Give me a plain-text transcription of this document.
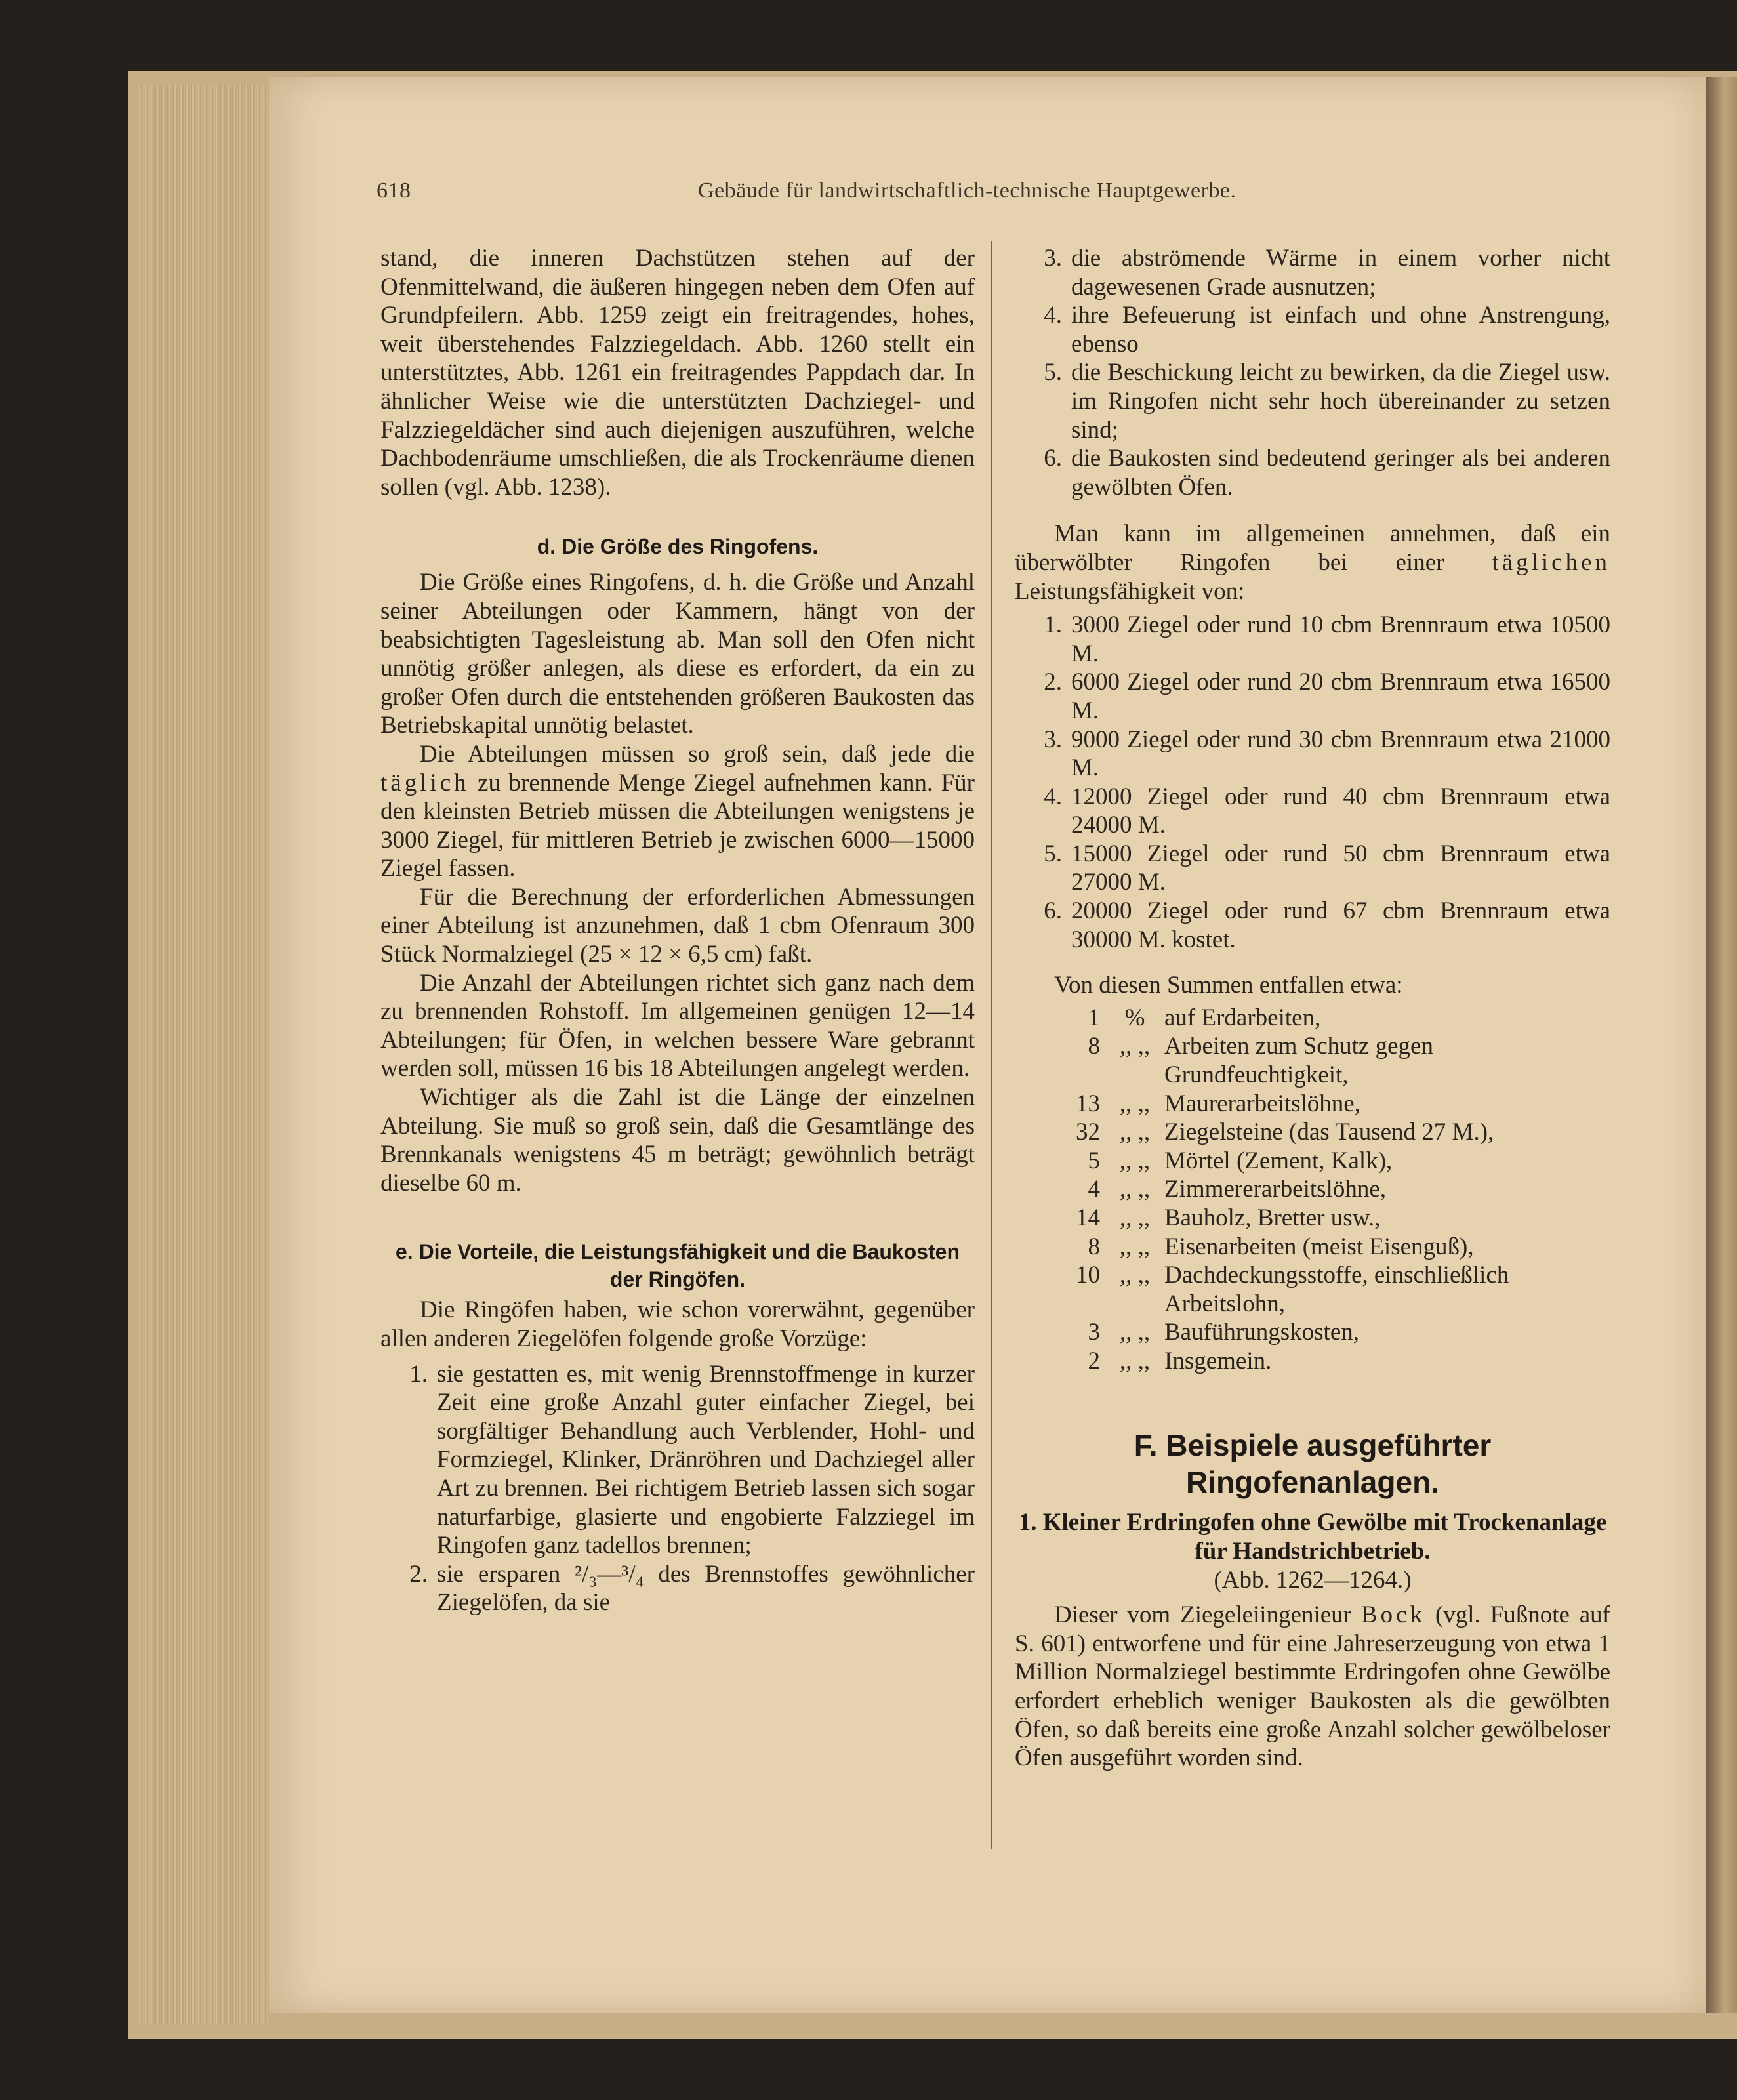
618	Gebäude für landwirtschaftlich-technische Hauptgewerbe.

stand, die inneren Dachstützen stehen auf der Ofenmittelwand, die äußeren hingegen neben dem Ofen auf Grundpfeilern. Abb. 1259 zeigt ein freitragendes, hohes, weit überstehendes Falzziegeldach. Abb. 1260 stellt ein unterstütztes, Abb. 1261 ein freitragendes Pappdach dar. In ähnlicher Weise wie die unterstützten Dachziegel- und Falzziegeldächer sind auch diejenigen auszuführen, welche Dachbodenräume umschließen, die als Trockenräume dienen sollen (vgl. Abb. 1238).

d. Die Größe des Ringofens.

Die Größe eines Ringofens, d. h. die Größe und Anzahl seiner Abteilungen oder Kammern, hängt von der beabsichtigten Tagesleistung ab. Man soll den Ofen nicht unnötig größer anlegen, als diese es erfordert, da ein zu großer Ofen durch die entstehenden größeren Baukosten das Betriebskapital unnötig belastet.

Die Abteilungen müssen so groß sein, daß jede die täglich zu brennende Menge Ziegel aufnehmen kann. Für den kleinsten Betrieb müssen die Abteilungen wenigstens je 3000 Ziegel, für mittleren Betrieb je zwischen 6000—15000 Ziegel fassen.

Für die Berechnung der erforderlichen Abmessungen einer Abteilung ist anzunehmen, daß 1 cbm Ofenraum 300 Stück Normalziegel (25 × 12 × 6,5 cm) faßt.

Die Anzahl der Abteilungen richtet sich ganz nach dem zu brennenden Rohstoff. Im allgemeinen genügen 12—14 Abteilungen; für Öfen, in welchen bessere Ware gebrannt werden soll, müssen 16 bis 18 Abteilungen angelegt werden.

Wichtiger als die Zahl ist die Länge der einzelnen Abteilung. Sie muß so groß sein, daß die Gesamtlänge des Brennkanals wenigstens 45 m beträgt; gewöhnlich beträgt dieselbe 60 m.

e. Die Vorteile, die Leistungsfähigkeit und die Baukosten der Ringöfen.

Die Ringöfen haben, wie schon vorerwähnt, gegenüber allen anderen Ziegelöfen folgende große Vorzüge:

1. sie gestatten es, mit wenig Brennstoffmenge in kurzer Zeit eine große Anzahl guter einfacher Ziegel, bei sorgfältiger Behandlung auch Verblender, Hohl- und Formziegel, Klinker, Dränröhren und Dachziegel aller Art zu brennen. Bei richtigem Betrieb lassen sich sogar naturfarbige, glasierte und engobierte Falzziegel im Ringofen ganz tadellos brennen;
2. sie ersparen ²/₃—³/₄ des Brennstoffes gewöhnlicher Ziegelöfen, da sie
3. die abströmende Wärme in einem vorher nicht dagewesenen Grade ausnutzen;
4. ihre Befeuerung ist einfach und ohne Anstrengung, ebenso
5. die Beschickung leicht zu bewirken, da die Ziegel usw. im Ringofen nicht sehr hoch übereinander zu setzen sind;
6. die Baukosten sind bedeutend geringer als bei anderen gewölbten Öfen.

Man kann im allgemeinen annehmen, daß ein überwölbter Ringofen bei einer täglichen Leistungsfähigkeit von:

1. 3000 Ziegel oder rund 10 cbm Brennraum etwa 10500 M.
2. 6000 Ziegel oder rund 20 cbm Brennraum etwa 16500 M.
3. 9000 Ziegel oder rund 30 cbm Brennraum etwa 21000 M.
4. 12000 Ziegel oder rund 40 cbm Brennraum etwa 24000 M.
5. 15000 Ziegel oder rund 50 cbm Brennraum etwa 27000 M.
6. 20000 Ziegel oder rund 67 cbm Brennraum etwa 30000 M. kostet.

Von diesen Summen entfallen etwa:

1	%	auf Erdarbeiten,
8	,, ,,	Arbeiten zum Schutz gegen Grundfeuchtigkeit,
13	,, ,,	Maurerarbeitslöhne,
32	,, ,,	Ziegelsteine (das Tausend 27 M.),
5	,, ,,	Mörtel (Zement, Kalk),
4	,, ,,	Zimmererarbeitslöhne,
14	,, ,,	Bauholz, Bretter usw.,
8	,, ,,	Eisenarbeiten (meist Eisenguß),
10	,, ,,	Dachdeckungsstoffe, einschließlich Arbeitslohn,
3	,, ,,	Bauführungskosten,
2	,, ,,	Insgemein.

F. Beispiele ausgeführter Ringofenanlagen.

1. Kleiner Erdringofen ohne Gewölbe mit Trockenanlage für Handstrichbetrieb.

(Abb. 1262—1264.)

Dieser vom Ziegeleiingenieur Bock (vgl. Fußnote auf S. 601) entworfene und für eine Jahreserzeugung von etwa 1 Million Normalziegel bestimmte Erdringofen ohne Gewölbe erfordert erheblich weniger Baukosten als die gewölbten Öfen, so daß bereits eine große Anzahl solcher gewölbeloser Öfen ausgeführt worden sind.
